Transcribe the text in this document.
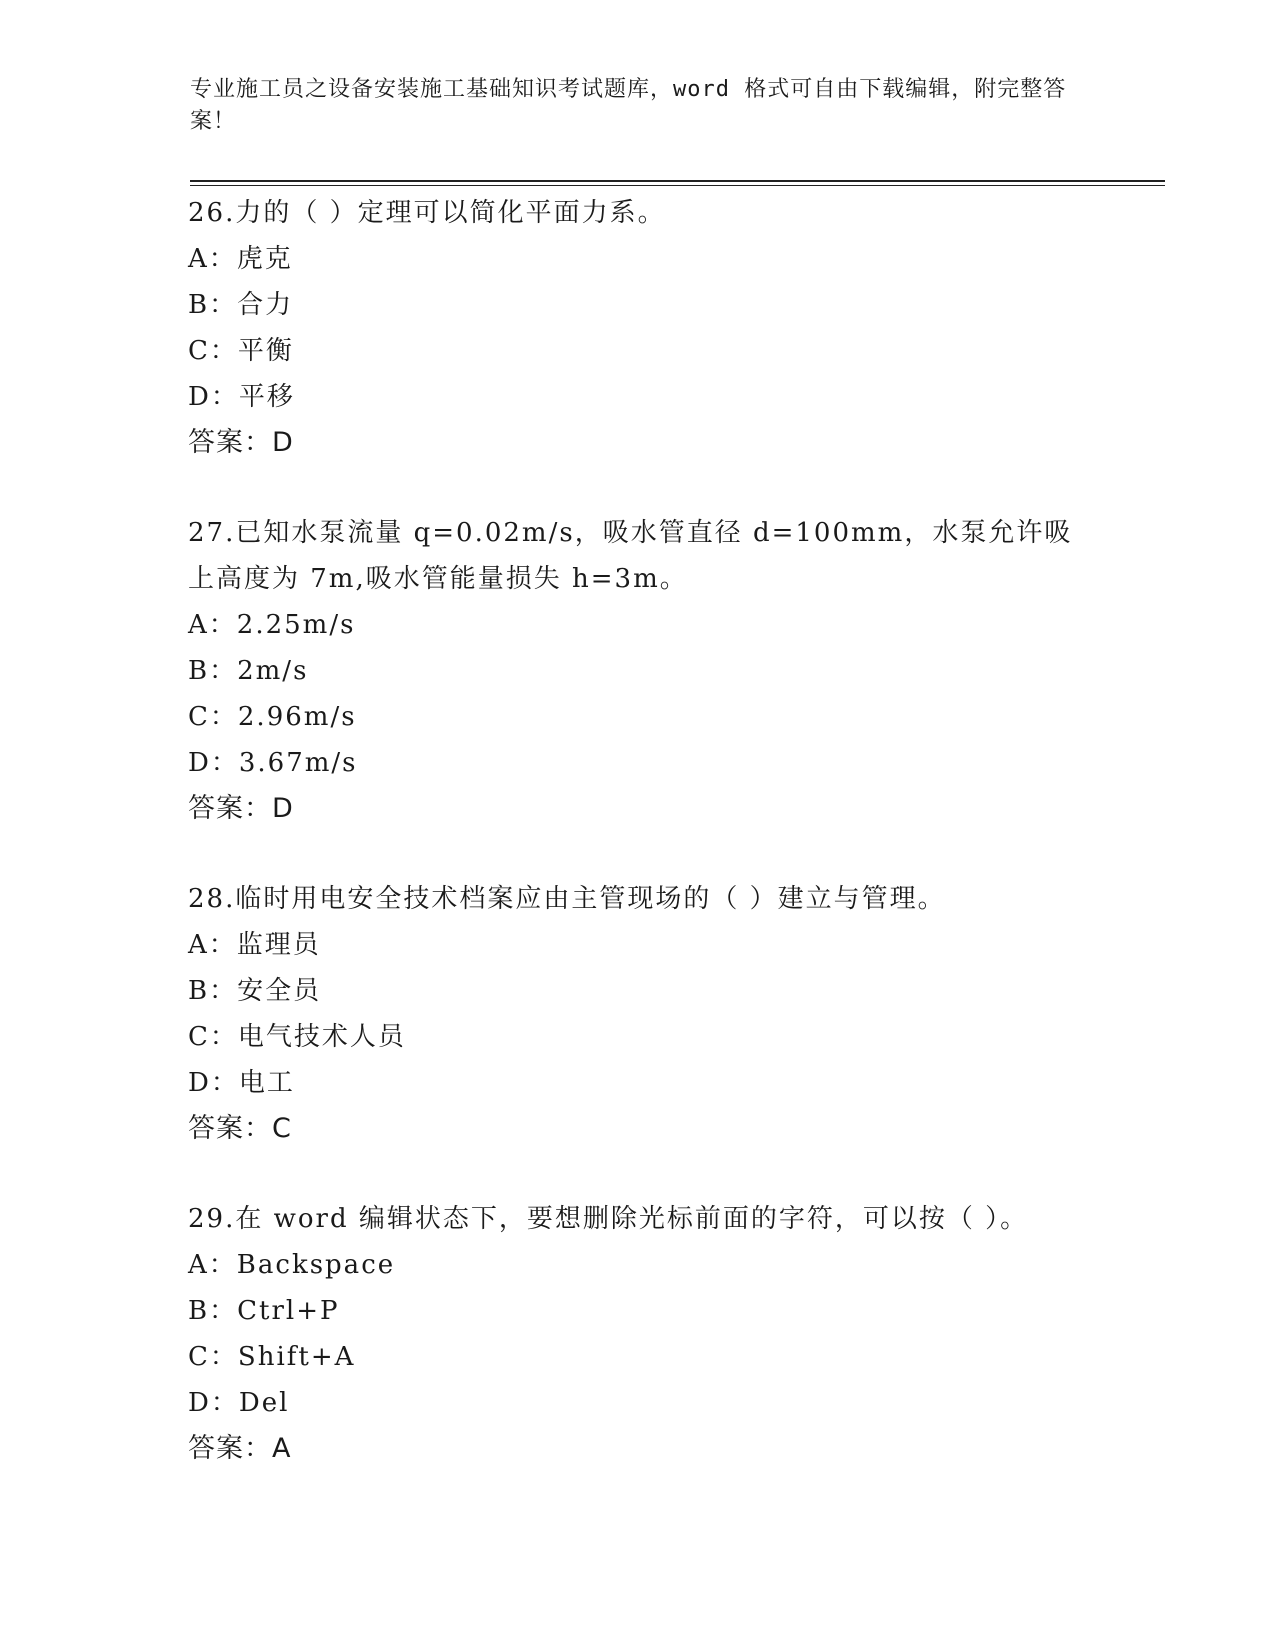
专业施工员之设备安装施工基础知识考试题库，word 格式可自由下载编辑，附完整答案！
26.力的（ ）定理可以简化平面力系。
A：虎克
B：合力
C：平衡
D：平移
答案：D
27.已知水泵流量 q=0.02m/s，吸水管直径 d=100mm，水泵允许吸上高度为 7m,吸水管能量损失 h=3m。
A：2.25m/s
B：2m/s
C：2.96m/s
D：3.67m/s
答案：D
28.临时用电安全技术档案应由主管现场的（ ）建立与管理。
A：监理员
B：安全员
C：电气技术人员
D：电工
答案：C
29.在 word 编辑状态下，要想删除光标前面的字符，可以按（ ）。
A：Backspace
B：Ctrl+P
C：Shift+A
D：Del
答案：A
